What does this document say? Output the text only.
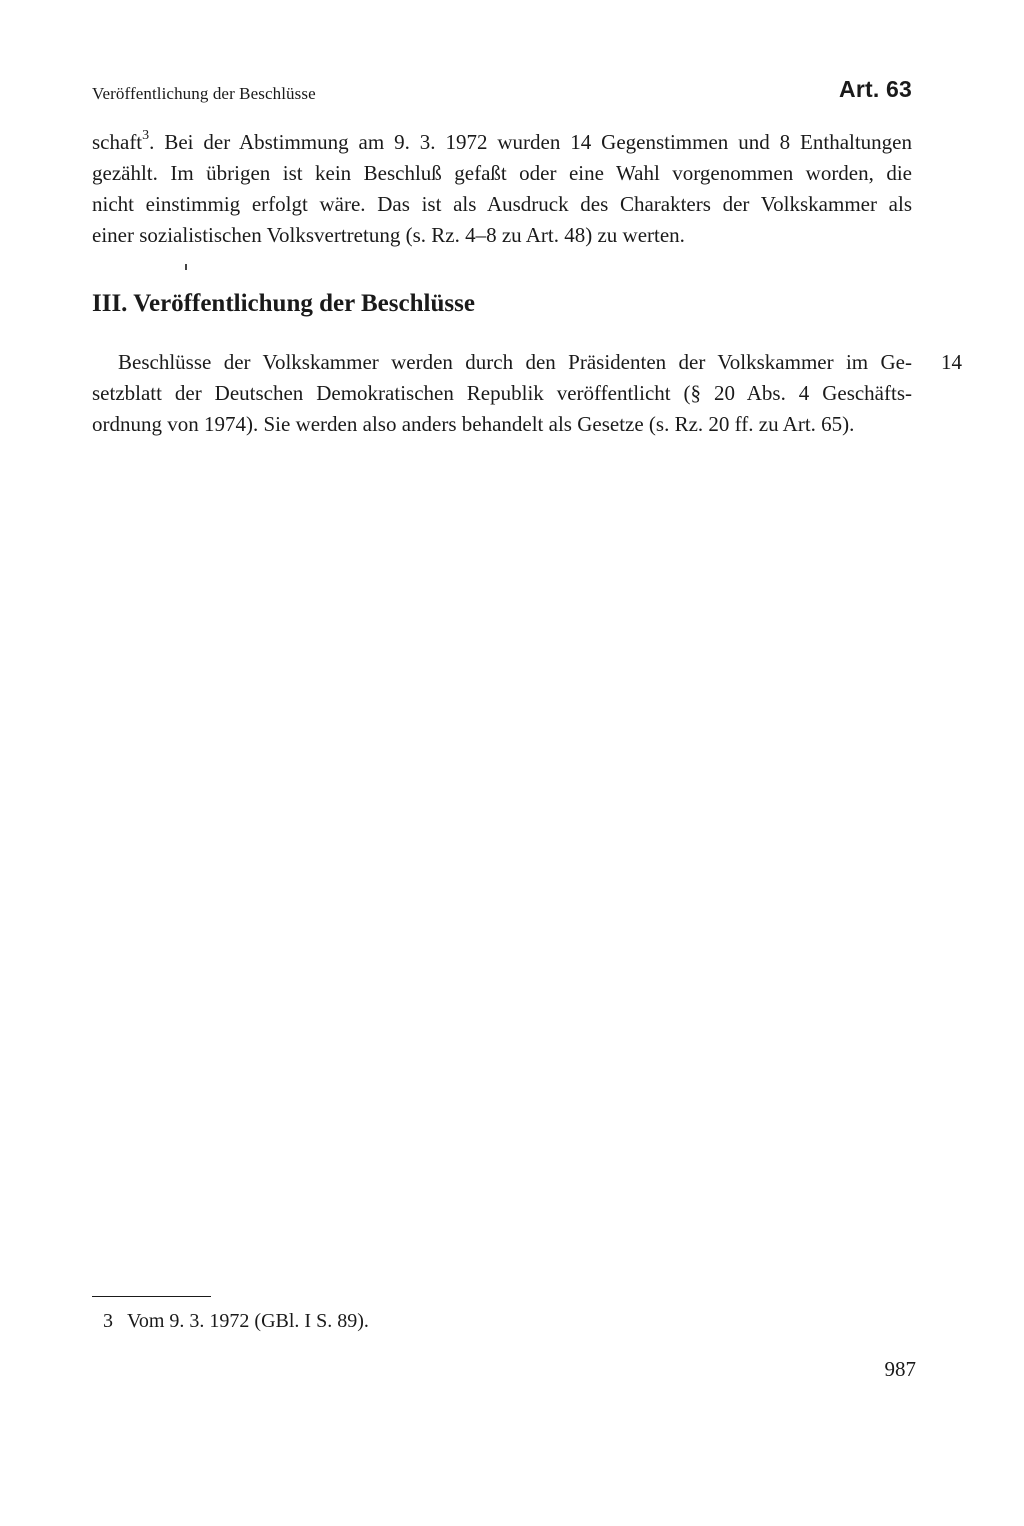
Veröffentlichung der Beschlüsse	Art. 63
schaft$^3$. Bei der Abstimmung am 9. 3. 1972 wurden 14 Gegenstimmen und 8 Enthaltungen
gezählt. Im übrigen ist kein Beschluß gefaßt oder eine Wahl vorgenommen worden, die
nicht einstimmig erfolgt wäre. Das ist als Ausdruck des Charakters der Volkskammer als
einer sozialistischen Volksvertretung (s. Rz. 4–8 zu Art. 48) zu werten.
III. Veröffentlichung der Beschlüsse
Beschlüsse der Volkskammer werden durch den Präsidenten der Volkskammer im Ge-
setzblatt der Deutschen Demokratischen Republik veröffentlicht (§ 20 Abs. 4 Geschäfts-
ordnung von 1974). Sie werden also anders behandelt als Gesetze (s. Rz. 20 ff. zu Art. 65).
14
3 Vom 9. 3. 1972 (GBl. I S. 89).
987
